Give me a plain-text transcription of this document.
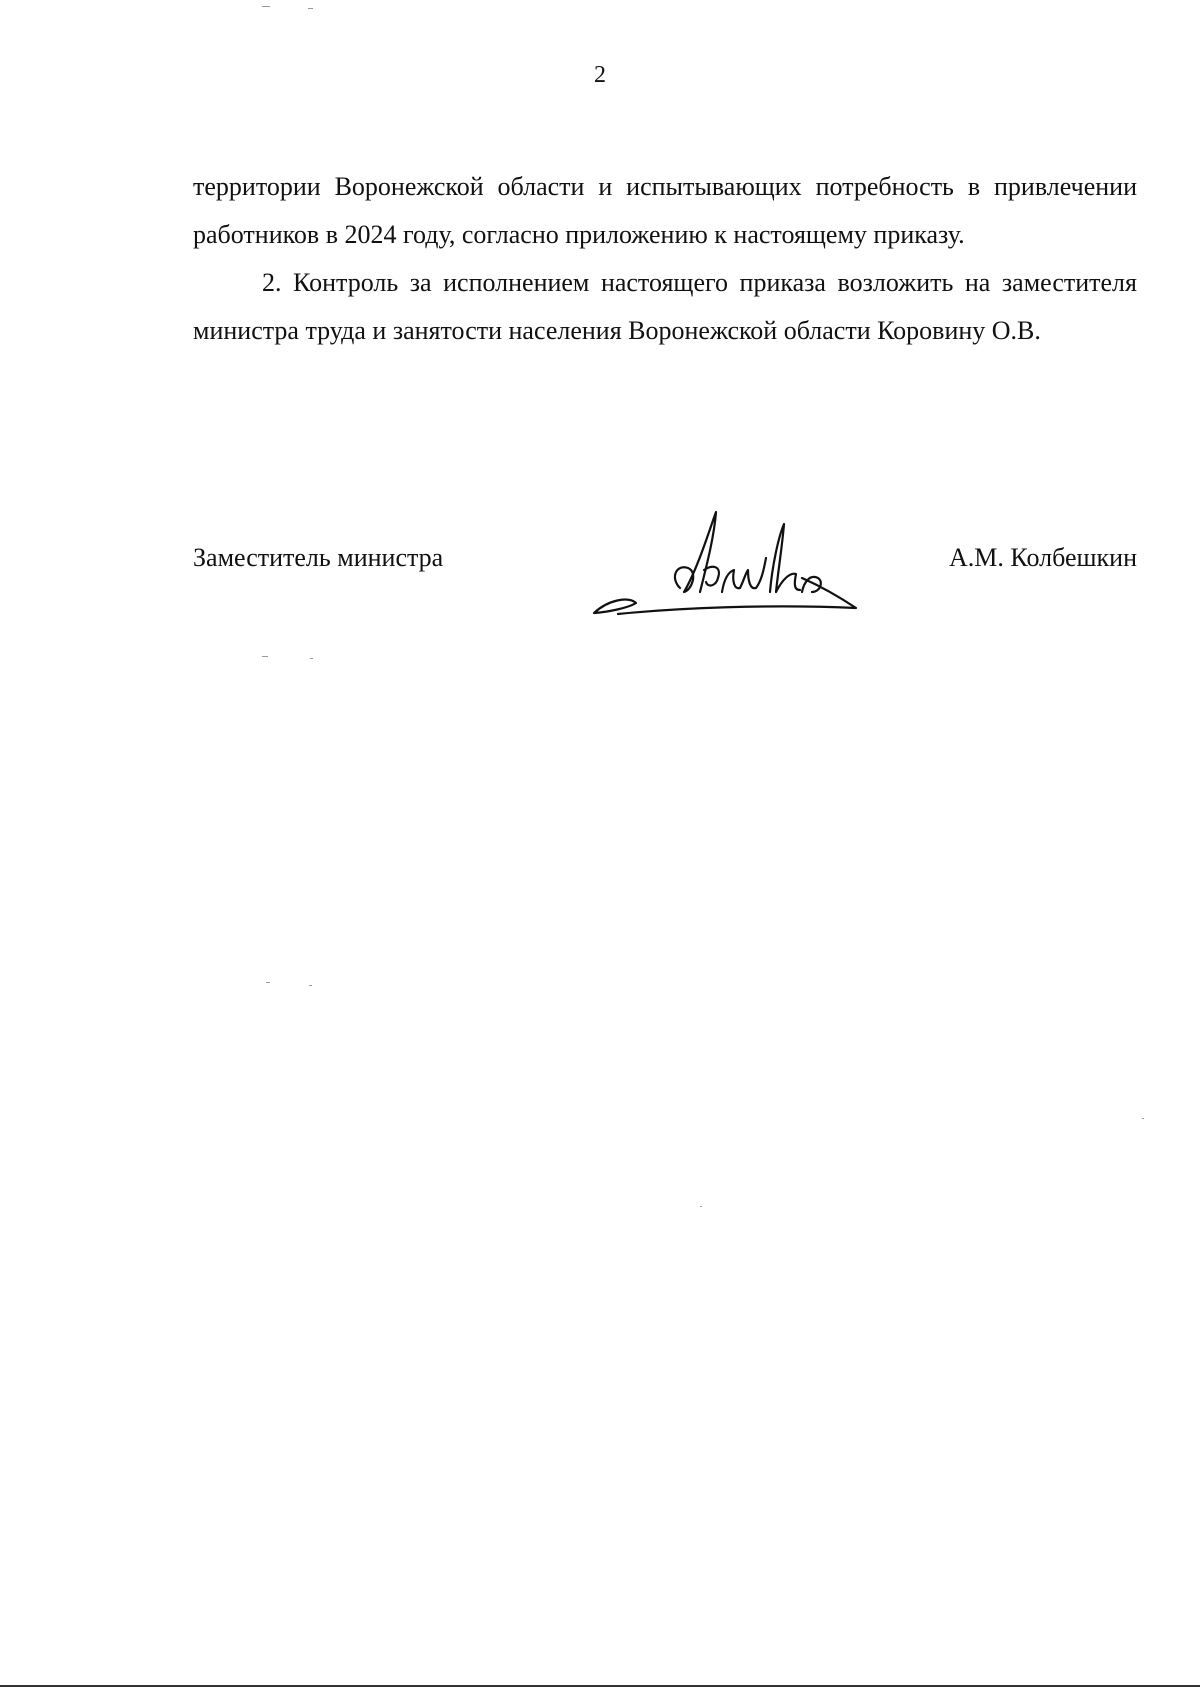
2

территории Воронежской области и испытывающих потребность в привлечении работников в 2024 году, согласно приложению к настоящему приказу.

2. Контроль за исполнением настоящего приказа возложить на заместителя министра труда и занятости населения Воронежской области Коровину О.В.

Заместитель министра	А.М. Колбешкин
